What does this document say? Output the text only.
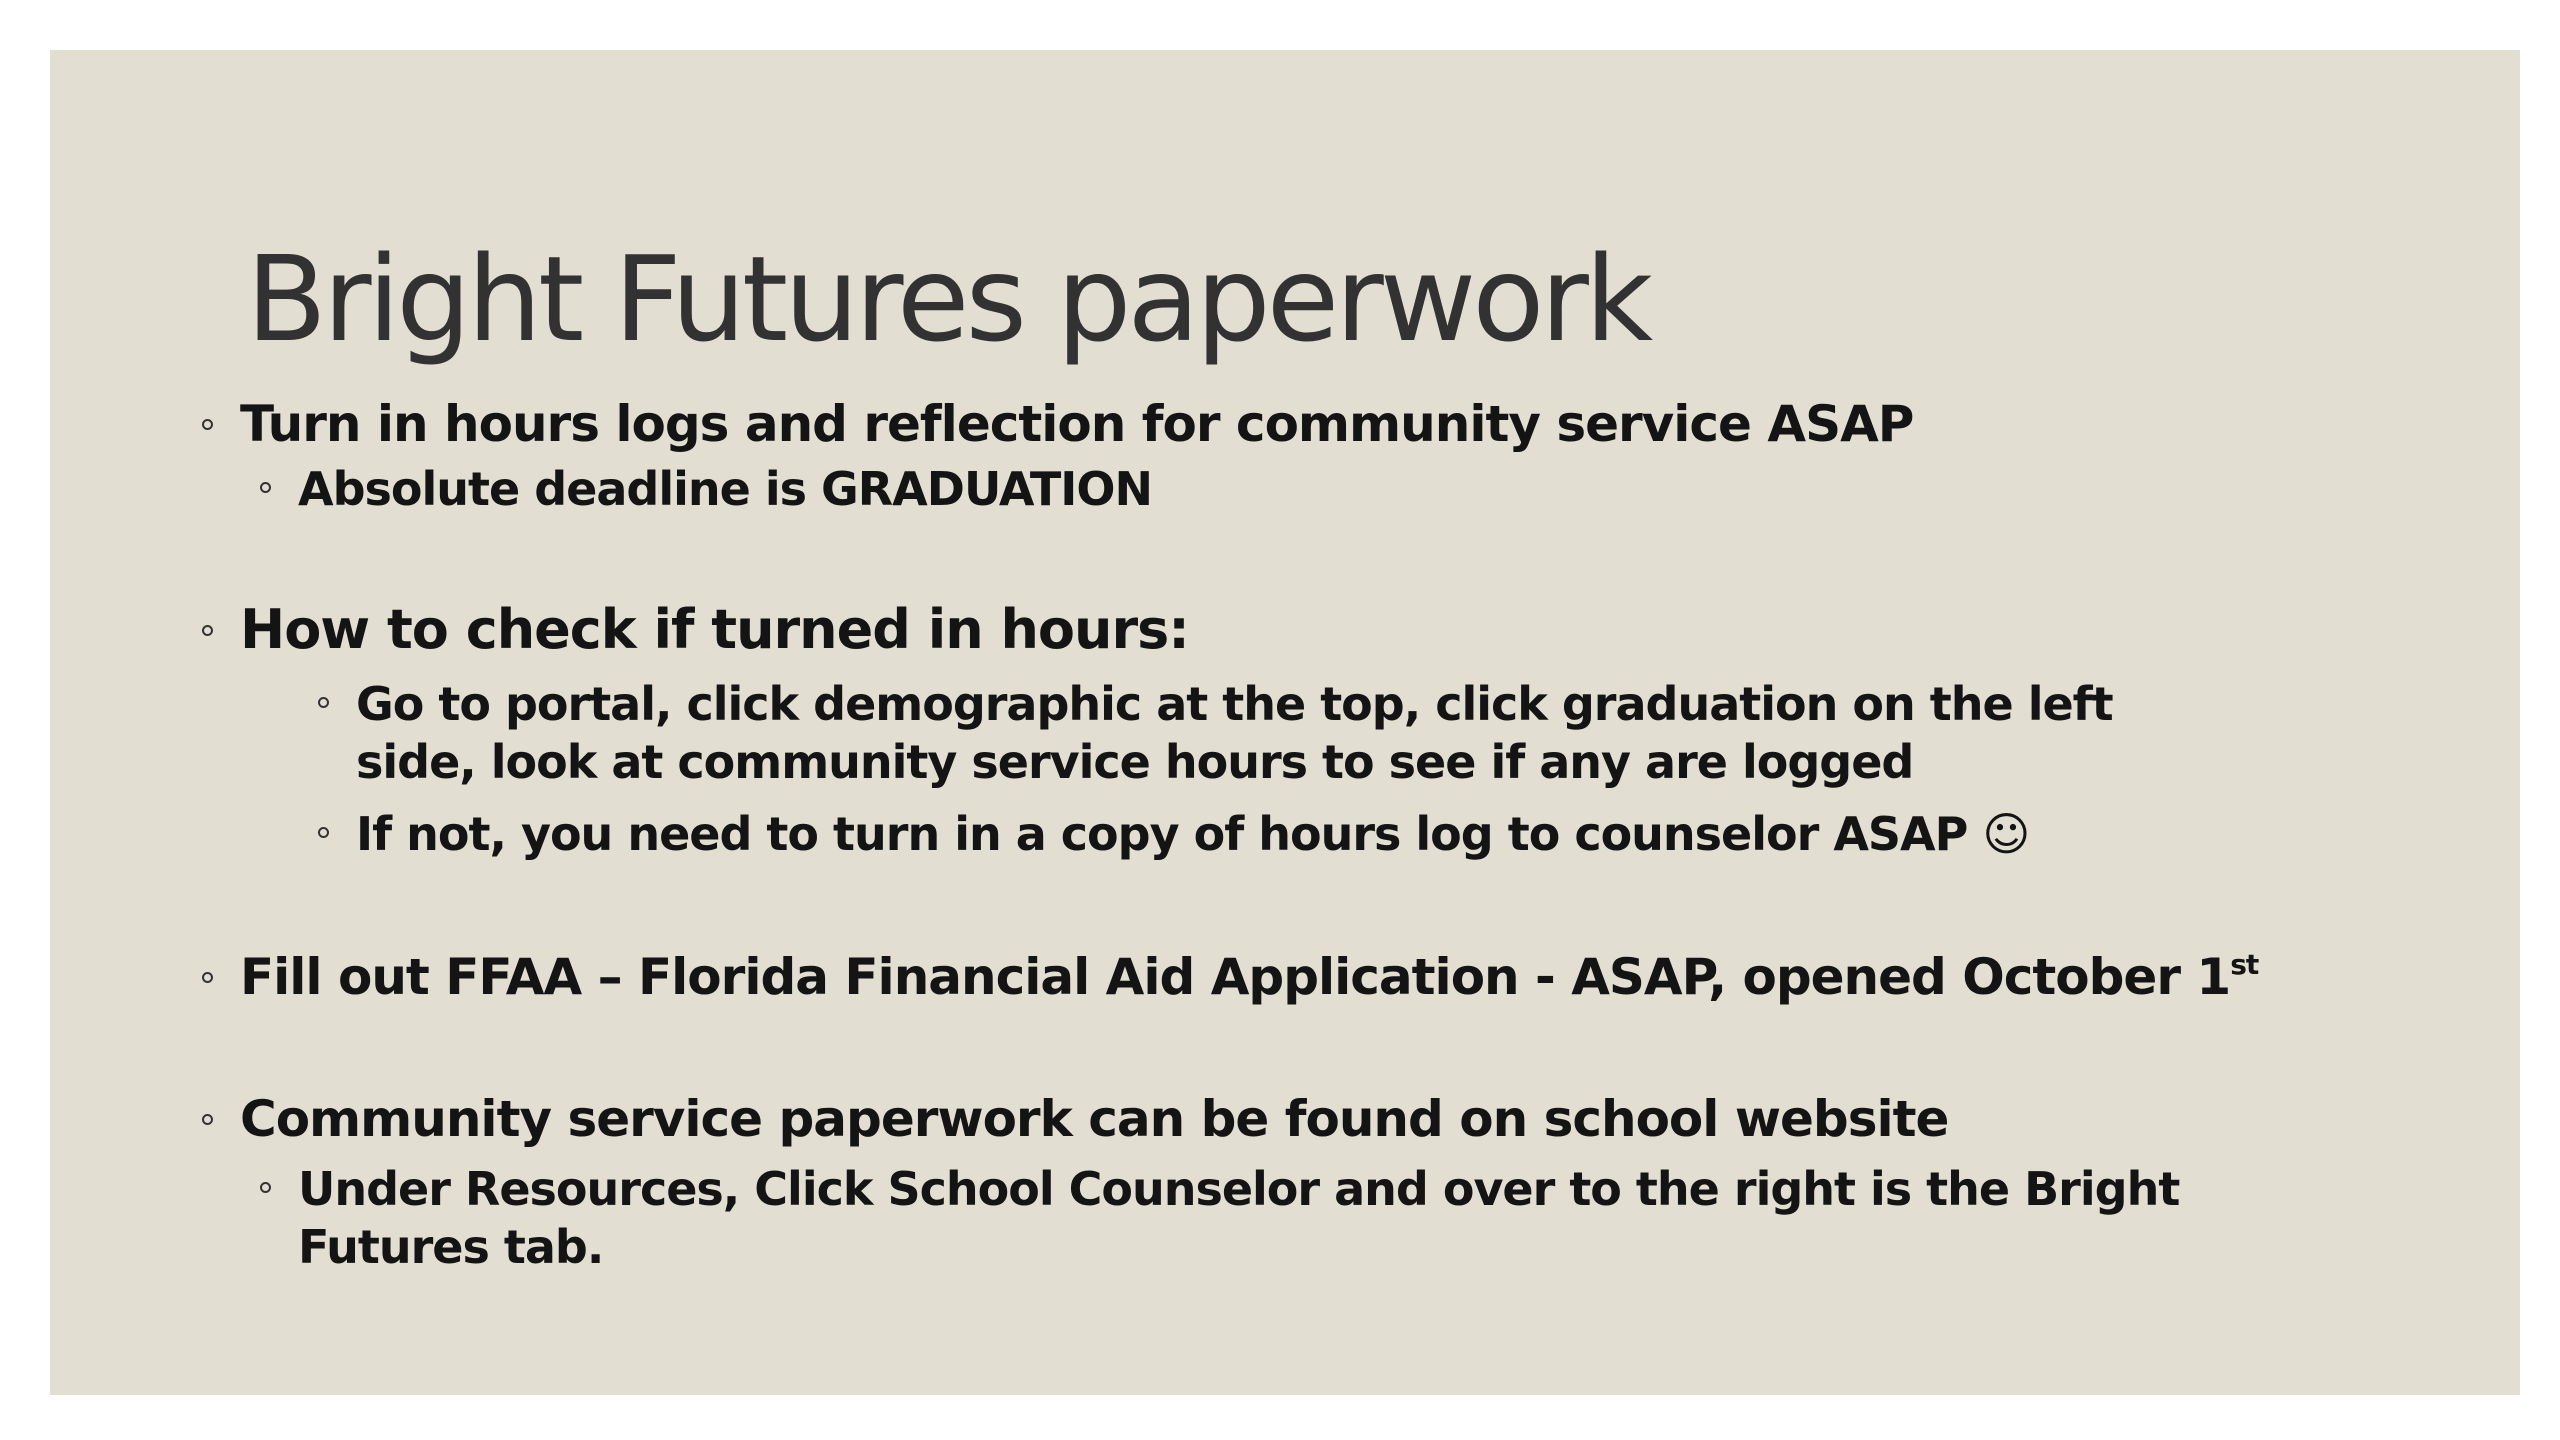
Bright Futures paperwork
Turn in hours logs and reflection for community service ASAP
Absolute deadline is GRADUATION
How to check if turned in hours:
Go to portal, click demographic at the top, click graduation on the left
side, look at community service hours to see if any are logged
If not, you need to turn in a copy of hours log to counselor ASAP ☺
Fill out FFAA – Florida Financial Aid Application - ASAP, opened October 1st
Community service paperwork can be found on school website
Under Resources, Click School Counselor and over to the right is the Bright
Futures tab.
